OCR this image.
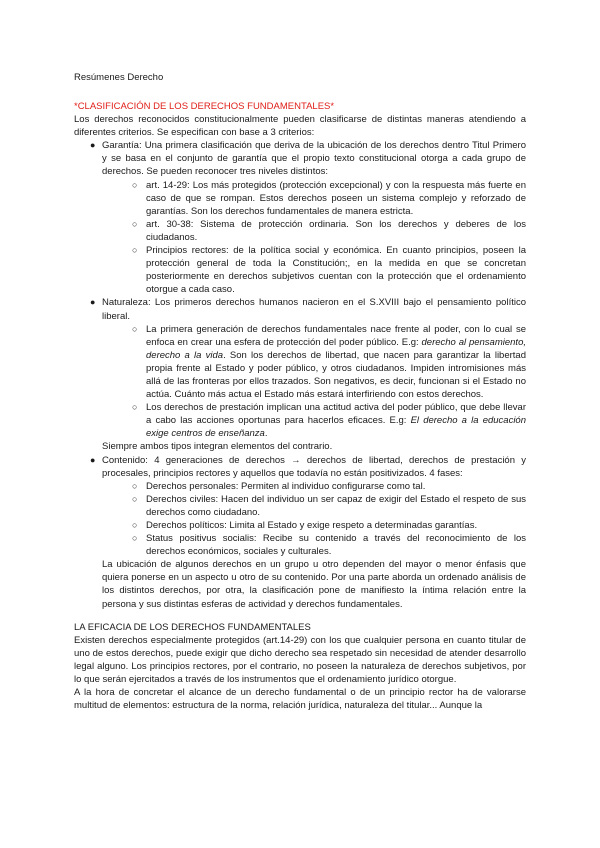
Resúmenes Derecho

*CLASIFICACIÓN DE LOS DERECHOS FUNDAMENTALES*

Los derechos reconocidos constitucionalmente pueden clasificarse de distintas maneras atendiendo a diferentes criterios. Se especifican con base a 3 criterios:

● Garantía: Una primera clasificación que deriva de la ubicación de los derechos dentro Titul Primero y se basa en el conjunto de garantía que el propio texto constitucional otorga a cada grupo de derechos. Se pueden reconocer tres niveles distintos:
○ art. 14-29: Los más protegidos (protección excepcional) y con la respuesta más fuerte en caso de que se rompan. Estos derechos poseen un sistema complejo y reforzado de garantías. Son los derechos fundamentales de manera estricta.
○ art. 30-38: Sistema de protección ordinaria. Son los derechos y deberes de los ciudadanos.
○ Principios rectores: de la política social y económica. En cuanto principios, poseen la protección general de toda la Constitución;, en la medida en que se concretan posteriormente en derechos subjetivos cuentan con la protección que el ordenamiento otorgue a cada caso.
● Naturaleza: Los primeros derechos humanos nacieron en el S.XVIII bajo el pensamiento político liberal.
○ La primera generación de derechos fundamentales nace frente al poder, con lo cual se enfoca en crear una esfera de protección del poder público. E.g: derecho al pensamiento, derecho a la vida. Son los derechos de libertad, que nacen para garantizar la libertad propia frente al Estado y poder público, y otros ciudadanos. Impiden intromisiones más allá de las fronteras por ellos trazados. Son negativos, es decir, funcionan si el Estado no actúa. Cuánto más actua el Estado más estará interfiriendo con estos derechos.
○ Los derechos de prestación implican una actitud activa del poder público, que debe llevar a cabo las acciones oportunas para hacerlos eficaces. E.g: El derecho a la educación exige centros de enseñanza.

Siempre ambos tipos integran elementos del contrario.

● Contenido: 4 generaciones de derechos → derechos de libertad, derechos de prestación y procesales, principios rectores y aquellos que todavía no están positivizados. 4 fases:
○ Derechos personales: Permiten al individuo configurarse como tal.
○ Derechos civiles: Hacen del individuo un ser capaz de exigir del Estado el respeto de sus derechos como ciudadano.
○ Derechos políticos: Limita al Estado y exige respeto a determinadas garantías.
○ Status positivus socialis: Recibe su contenido a través del reconocimiento de los derechos económicos, sociales y culturales.

La ubicación de algunos derechos en un grupo u otro dependen del mayor o menor énfasis que quiera ponerse en un aspecto u otro de su contenido. Por una parte aborda un ordenado análisis de los distintos derechos, por otra, la clasificación pone de manifiesto la íntima relación entre la persona y sus distintas esferas de actividad y derechos fundamentales.

LA EFICACIA DE LOS DERECHOS FUNDAMENTALES

Existen derechos especialmente protegidos (art.14-29) con los que cualquier persona en cuanto titular de uno de estos derechos, puede exigir que dicho derecho sea respetado sin necesidad de atender desarrollo legal alguno. Los principios rectores, por el contrario, no poseen la naturaleza de derechos subjetivos, por lo que serán ejercitados a través de los instrumentos que el ordenamiento jurídico otorgue.

A la hora de concretar el alcance de un derecho fundamental o de un principio rector ha de valorarse multitud de elementos: estructura de la norma, relación jurídica, naturaleza del titular... Aunque la
